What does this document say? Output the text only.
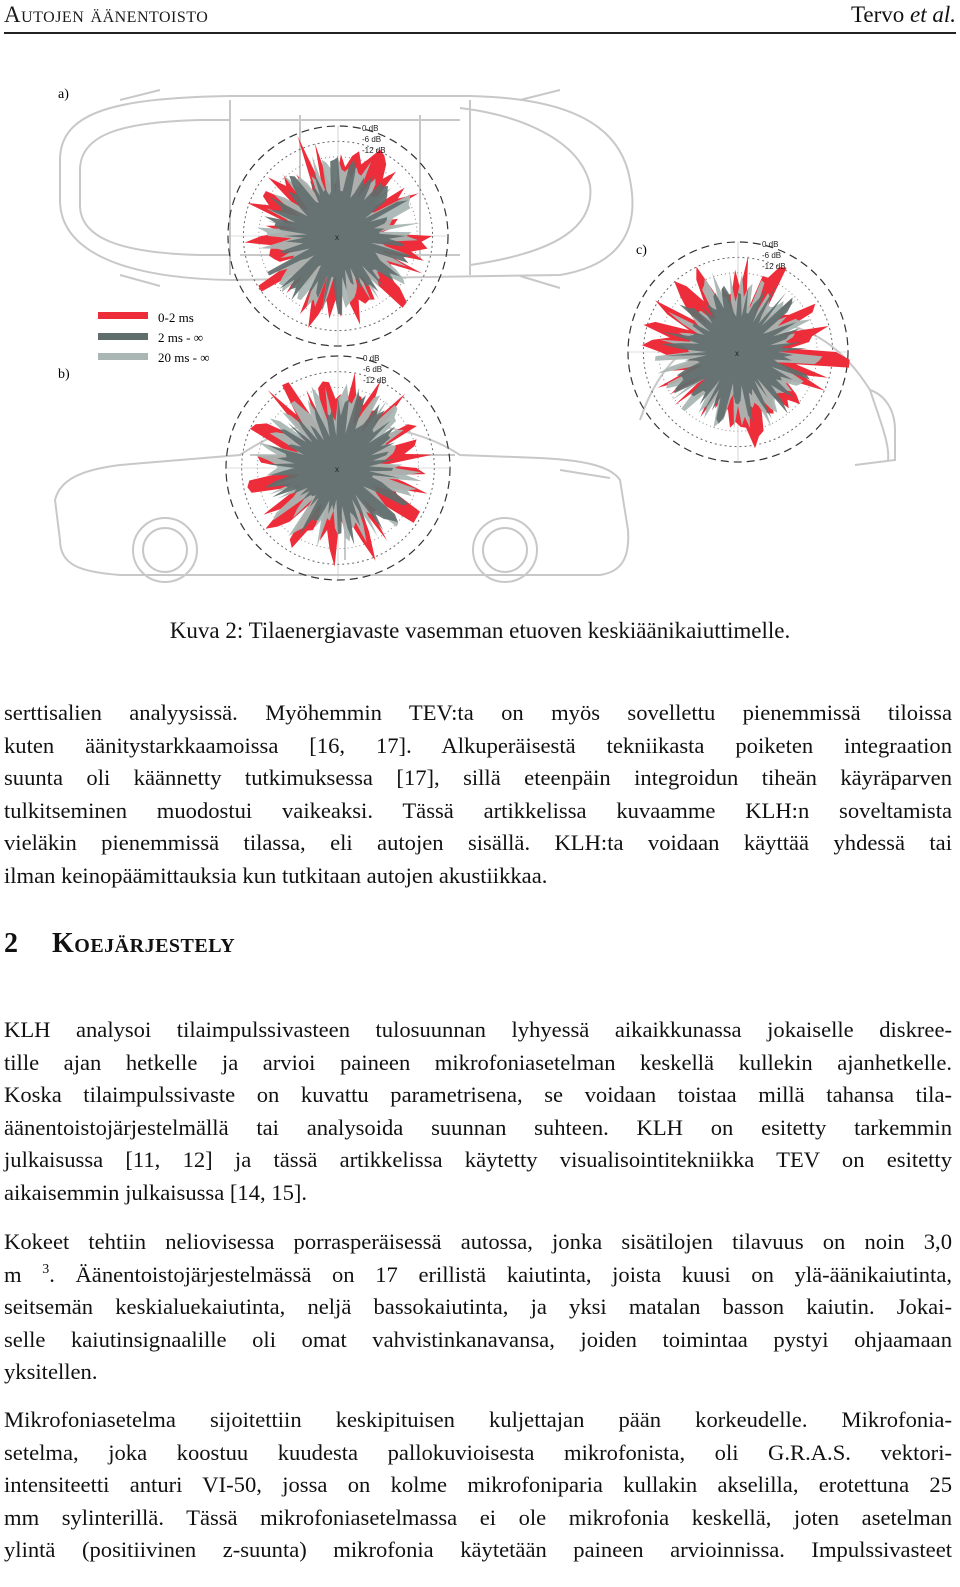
Autojen äänentoisto	Tervo et al.
x
0 dB
-6 dB
-12 dB
x
0 dB
-6 dB
-12 dB
x
0 dB
-6 dB
-12 dB
a)
b)
c)
0-2 ms
2 ms - ∞
20 ms - ∞
Kuva 2: Tilaenergiavaste vasemman etuoven keskiäänikaiuttimelle.

serttisalien analyysissä. Myöhemmin TEV:ta on myös sovellettu pienemmissä tiloissa
kuten äänitystarkkaamoissa [16, 17]. Alkuperäisestä tekniikasta poiketen integraation
suunta oli käännetty tutkimuksessa [17], sillä eteenpäin integroidun tiheän käyräparven
tulkitseminen muodostui vaikeaksi. Tässä artikkelissa kuvaamme KLH:n soveltamista
vieläkin pienemmissä tilassa, eli autojen sisällä. KLH:ta voidaan käyttää yhdessä tai
ilman keinopäämittauksia kun tutkitaan autojen akustiikkaa.

2 Koejärjestely

KLH analysoi tilaimpulssivasteen tulosuunnan lyhyessä aikaikkunassa jokaiselle diskree-
tille ajan hetkelle ja arvioi paineen mikrofoniasetelman keskellä kullekin ajanhetkelle.
Koska tilaimpulssivaste on kuvattu parametrisena, se voidaan toistaa millä tahansa tila-
äänentoistojärjestelmällä tai analysoida suunnan suhteen. KLH on esitetty tarkemmin
julkaisussa [11, 12] ja tässä artikkelissa käytetty visualisointitekniikka TEV on esitetty
aikaisemmin julkaisussa [14, 15].

Kokeet tehtiin neliovisessa porrasperäisessä autossa, jonka sisätilojen tilavuus on noin 3,0
m $^3$. Äänentoistojärjestelmässä on 17 erillistä kaiutinta, joista kuusi on ylä-äänikaiutinta,
seitsemän keskialuekaiutinta, neljä bassokaiutinta, ja yksi matalan basson kaiutin. Jokai-
selle kaiutinsignaalille oli omat vahvistinkanavansa, joiden toimintaa pystyi ohjaamaan
yksitellen.

Mikrofoniasetelma sijoitettiin keskipituisen kuljettajan pään korkeudelle. Mikrofonia-
setelma, joka koostuu kuudesta pallokuvioisesta mikrofonista, oli G.R.A.S. vektori-
intensiteetti anturi VI-50, jossa on kolme mikrofoniparia kullakin akselilla, erotettuna 25
mm sylinterillä. Tässä mikrofoniasetelmassa ei ole mikrofonia keskellä, joten asetelman
ylintä (positiivinen z-suunta) mikrofonia käytetään paineen arvioinnissa. Impulssivasteet
